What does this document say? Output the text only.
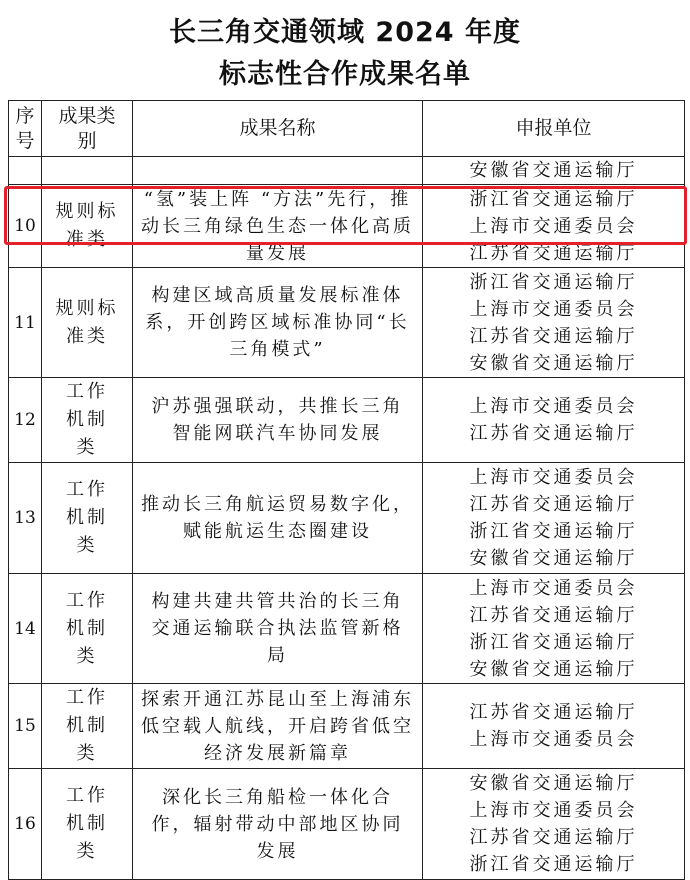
长三角交通领域 2024 年度
标志性合作成果名单
序号	成果类别	成果名称	申报单位

			安徽省交通运输厅

10	规则标准类	“氢”装上阵 “方法”先行，推动长三角绿色生态一体化高质量发展	浙江省交通运输厅
上海市交通委员会
江苏省交通运输厅

11	规则标准类	构建区域高质量发展标准体系，开创跨区域标准协同“长三角模式”	浙江省交通运输厅
上海市交通委员会
江苏省交通运输厅
安徽省交通运输厅

12	工作机制类	沪苏强强联动，共推长三角智能网联汽车协同发展	上海市交通委员会
江苏省交通运输厅

13	工作机制类	推动长三角航运贸易数字化，赋能航运生态圈建设	上海市交通委员会
江苏省交通运输厅
浙江省交通运输厅
安徽省交通运输厅

14	工作机制类	构建共建共管共治的长三角交通运输联合执法监管新格局	上海市交通委员会
江苏省交通运输厅
浙江省交通运输厅
安徽省交通运输厅

15	工作机制类	探索开通江苏昆山至上海浦东低空载人航线，开启跨省低空经济发展新篇章	江苏省交通运输厅
上海市交通委员会

16	工作机制类	深化长三角船检一体化合作，辐射带动中部地区协同发展	安徽省交通运输厅
上海市交通委员会
江苏省交通运输厅
浙江省交通运输厅
